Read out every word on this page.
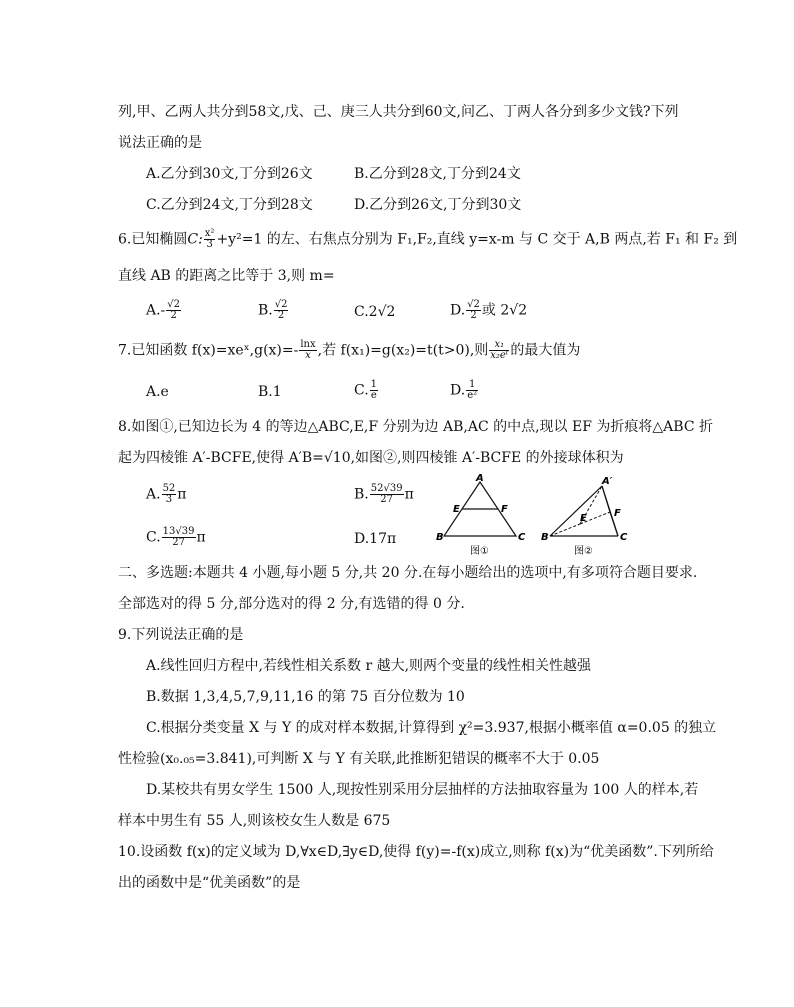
列,甲、乙两人共分到58文,戊、己、庚三人共分到60文,问乙、丁两人各分到多少文钱?下列
说法正确的是
A.乙分到30文,丁分到26文	B.乙分到28文,丁分到24文
C.乙分到24文,丁分到28文	D.乙分到26文,丁分到30文
6.已知椭圆C: $\frac{\text{x²}}{3} +y^2=1$ 的左、右焦点分别为 F₁,F₂,直线 y=x-m 与 C 交于 A,B 两点,若 F₁ 和 F₂ 到
直线 AB 的距离之比等于 3,则 m=
$A.- \frac{√2}{2}$	B. $\frac{√2}{2}$	C.2√2	D. $\frac{√2}{2}$ 或 2√2
7.已知函数 f(x)=xeˣ,g(x)=- $\frac{\ln x}{x}$ ,若 f(x₁)=g(x₂)=t(t>0),则 $\frac{\text{x₁}}{\text{x₂eᵗ}}$ 的最大值为
A.e	B.1	C. $\frac{1}{e}$	D. $\frac{1}{\text{e²}}$
8.如图①,已知边长为 4 的等边△ABC,E,F 分别为边 AB,AC 的中点,现以 EF 为折痕将△ABC 折
起为四棱锥 A′-BCFE,使得 A′B=√10,如图②,则四棱锥 A′-BCFE 的外接球体积为
A. $\frac{52}{3}$ π	B. $\frac{52√39}{27}$ π
C. $\frac{13√39}{27}$ π	D.17π
A
E	F
B	C
图①
A′
E	F
B	C
图②
二、多选题:本题共 4 小题,每小题 5 分,共 20 分.在每小题给出的选项中,有多项符合题目要求.
全部选对的得 5 分,部分选对的得 2 分,有选错的得 0 分.
9.下列说法正确的是
A.线性回归方程中,若线性相关系数 r 越大,则两个变量的线性相关性越强
B.数据 1,3,4,5,7,9,11,16 的第 75 百分位数为 10
C.根据分类变量 X 与 Y 的成对样本数据,计算得到 χ²=3.937,根据小概率值 α=0.05 的独立
性检验(x₀.₀₅=3.841),可判断 X 与 Y 有关联,此推断犯错误的概率不大于 0.05
D.某校共有男女学生 1500 人,现按性别采用分层抽样的方法抽取容量为 100 人的样本,若
样本中男生有 55 人,则该校女生人数是 675
10.设函数 f(x)的定义域为 D,∀x∈D,∃y∈D,使得 f(y)=-f(x)成立,则称 f(x)为“优美函数”.下列所给
出的函数中是“优美函数”的是
